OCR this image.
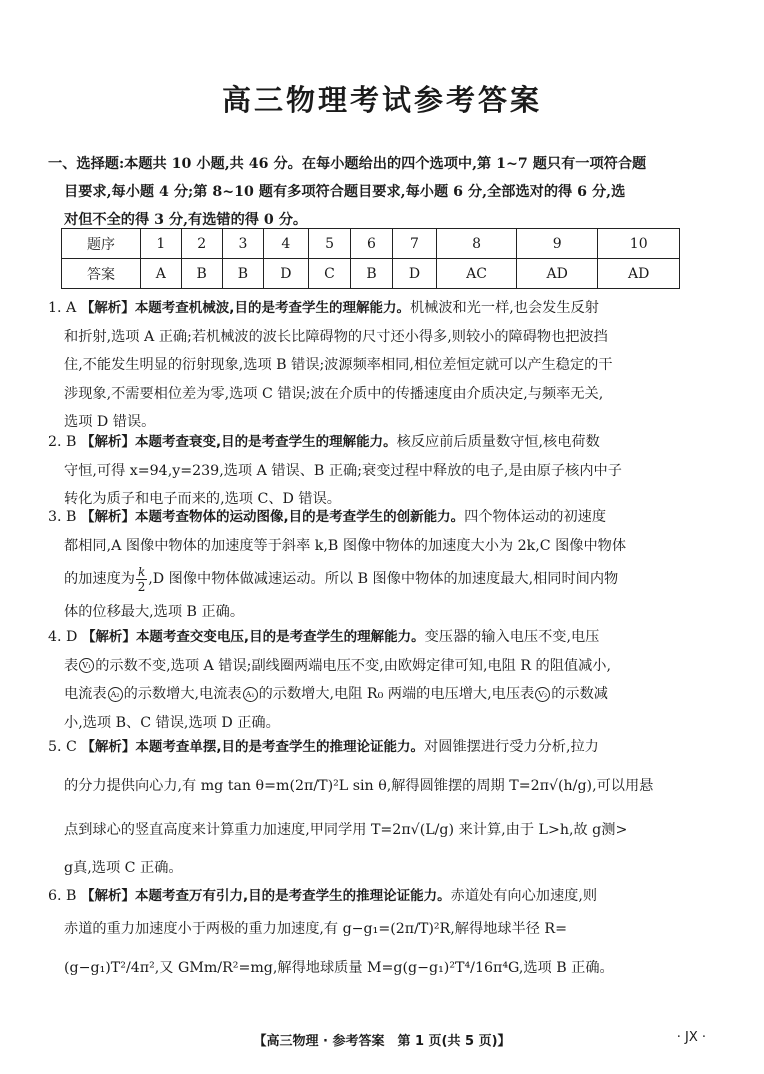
高三物理考试参考答案
一、选择题:本题共 10 小题,共 46 分。在每小题给出的四个选项中,第 1~7 题只有一项符合题
目要求,每小题 4 分;第 8~10 题有多项符合题目要求,每小题 6 分,全部选对的得 6 分,选
对但不全的得 3 分,有选错的得 0 分。
题序	1	2	3	4	5	6	7	8	9	10
答案	A	B	B	D	C	B	D	AC	AD	AD
1. A 【解析】本题考查机械波,目的是考查学生的理解能力。机械波和光一样,也会发生反射
和折射,选项 A 正确;若机械波的波长比障碍物的尺寸还小得多,则较小的障碍物也把波挡
住,不能发生明显的衍射现象,选项 B 错误;波源频率相同,相位差恒定就可以产生稳定的干
涉现象,不需要相位差为零,选项 C 错误;波在介质中的传播速度由介质决定,与频率无关,
选项 D 错误。
2. B 【解析】本题考查衰变,目的是考查学生的理解能力。核反应前后质量数守恒,核电荷数
守恒,可得 x=94,y=239,选项 A 错误、B 正确;衰变过程中释放的电子,是由原子核内中子
转化为质子和电子而来的,选项 C、D 错误。
3. B 【解析】本题考查物体的运动图像,目的是考查学生的创新能力。四个物体运动的初速度
都相同,A 图像中物体的加速度等于斜率 k,B 图像中物体的加速度大小为 2k,C 图像中物体
的加速度为 $\frac{k}{2} ,D$ 图像中物体做减速运动。所以 B 图像中物体的加速度最大,相同时间内物
体的位移最大,选项 B 正确。
4. D 【解析】本题考查交变电压,目的是考查学生的理解能力。变压器的输入电压不变,电压
表 V₁ 的示数不变,选项 A 错误;副线圈两端电压不变,由欧姆定律可知,电阻 R 的阻值减小,
电流表 A₂ 的示数增大,电流表 A₁ 的示数增大,电阻 R₀ 两端的电压增大,电压表 V₂ 的示数减
小,选项 B、C 错误,选项 D 正确。
5. C 【解析】本题考查单摆,目的是考查学生的推理论证能力。对圆锥摆进行受力分析,拉力
的分力提供向心力,有 mg tan θ=m(2π/T)²L sin θ,解得圆锥摆的周期 T=2π√(h/g),可以用悬
点到球心的竖直高度来计算重力加速度,甲同学用 T=2π√(L/g) 来计算,由于 L>h,故 g测>
g真,选项 C 正确。
6. B 【解析】本题考查万有引力,目的是考查学生的推理论证能力。赤道处有向心加速度,则
赤道的重力加速度小于两极的重力加速度,有 g−g₁=(2π/T)²R,解得地球半径 R=
(g−g₁)T²/4π²,又 GMm/R²=mg,解得地球质量 M=g(g−g₁)²T⁴/16π⁴G,选项 B 正确。
【高三物理 · 参考答案　第 1 页(共 5 页)】	· JX ·
